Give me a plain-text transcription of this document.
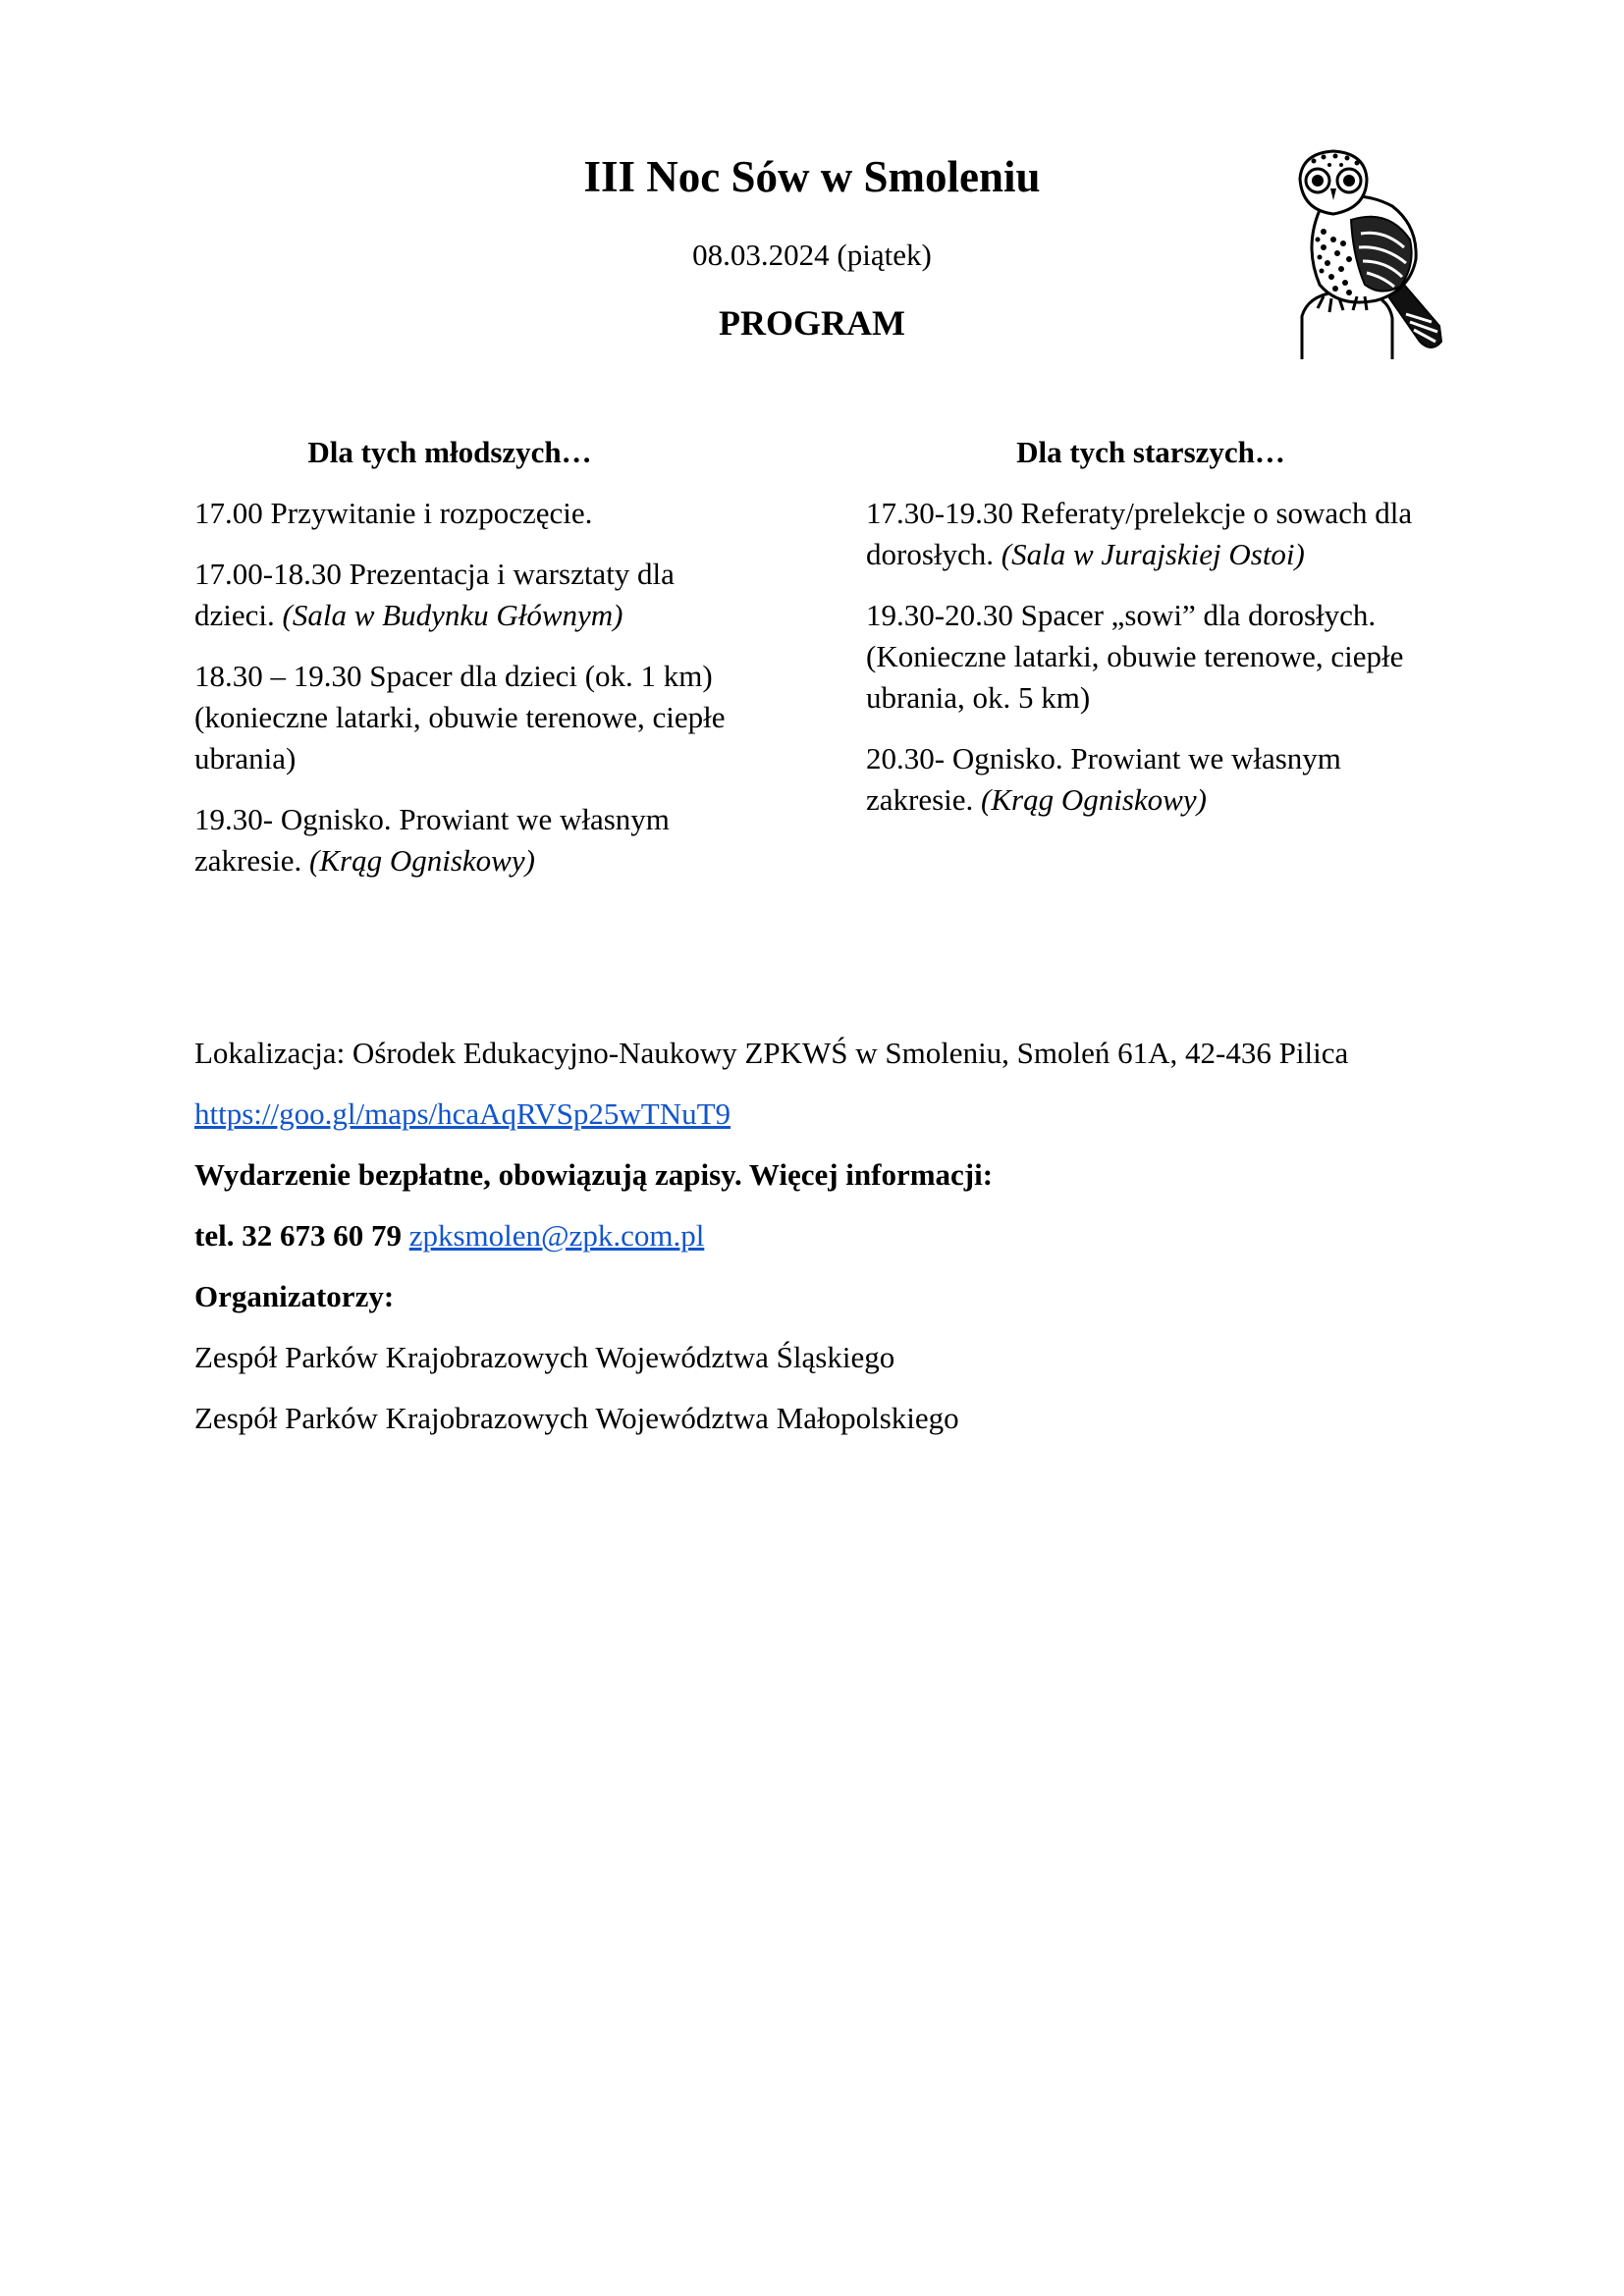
III Noc Sów w Smoleniu
08.03.2024 (piątek)
PROGRAM
Dla tych młodszych…
17.00 Przywitanie i rozpoczęcie.
17.00-18.30 Prezentacja i warsztaty dla dzieci. (Sala w Budynku Głównym)
18.30 – 19.30 Spacer dla dzieci (ok. 1 km) (konieczne latarki, obuwie terenowe, ciepłe ubrania)
19.30- Ognisko. Prowiant we własnym zakresie. (Krąg Ogniskowy)
Dla tych starszych…
17.30-19.30 Referaty/prelekcje o sowach dla dorosłych. (Sala w Jurajskiej Ostoi)
19.30-20.30 Spacer „sowi” dla dorosłych. (Konieczne latarki, obuwie terenowe, ciepłe ubrania, ok. 5 km)
20.30- Ognisko. Prowiant we własnym zakresie. (Krąg Ogniskowy)

Lokalizacja: Ośrodek Edukacyjno-Naukowy ZPKWŚ w Smoleniu, Smoleń 61A, 42-436 Pilica

https://goo.gl/maps/hcaAqRVSp25wTNuT9

Wydarzenie bezpłatne, obowiązują zapisy. Więcej informacji:

tel. 32 673 60 79 zpksmolen@zpk.com.pl

Organizatorzy:

Zespół Parków Krajobrazowych Województwa Śląskiego

Zespół Parków Krajobrazowych Województwa Małopolskiego
